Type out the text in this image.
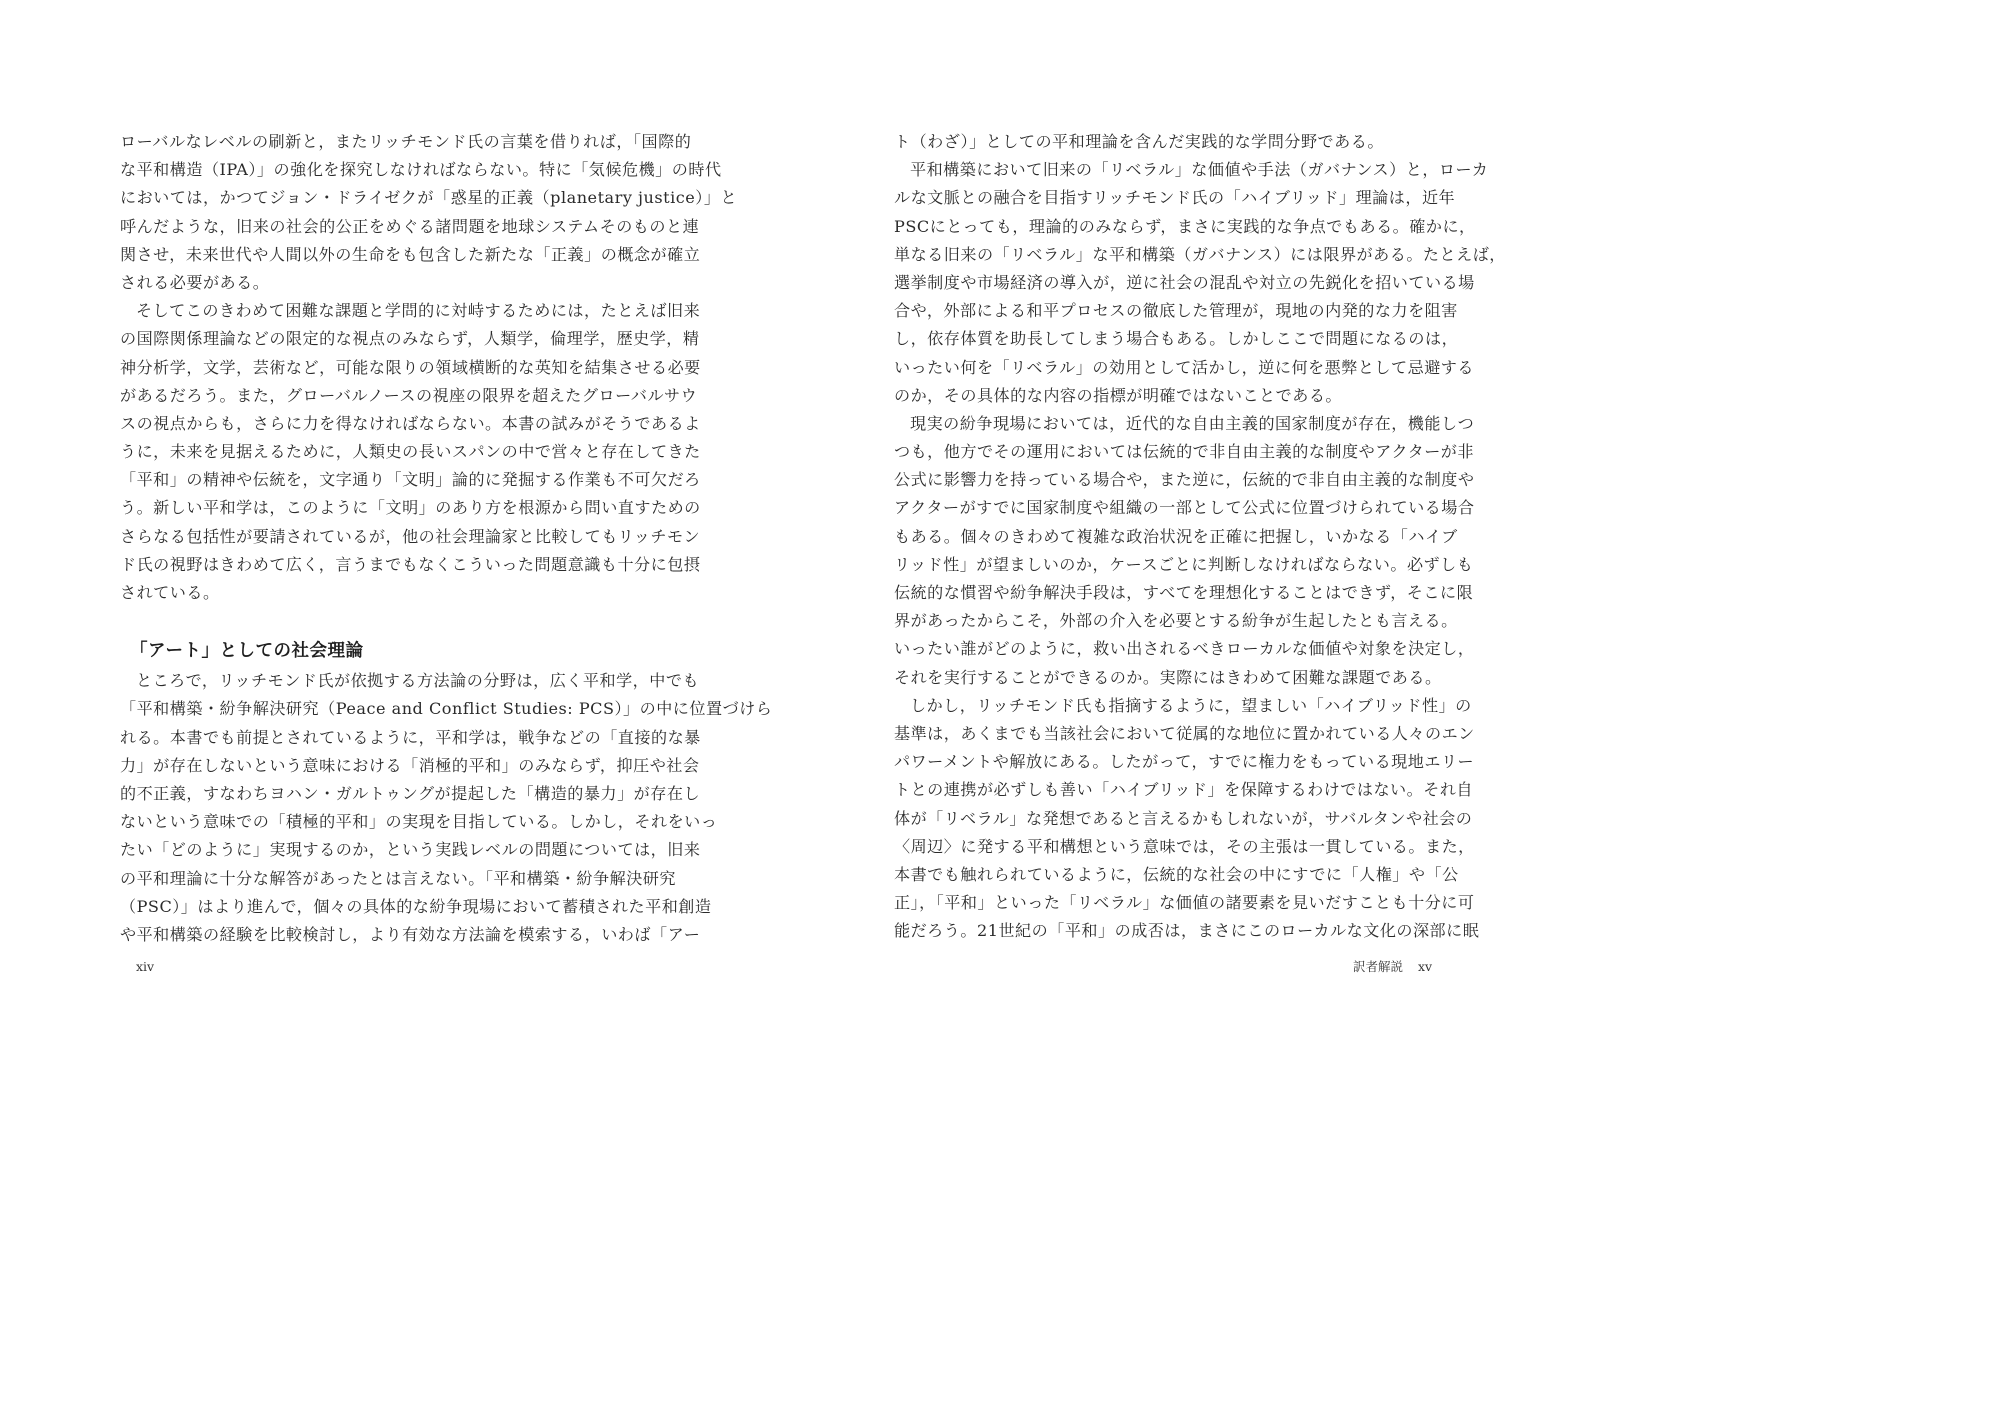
ローバルなレベルの刷新と，またリッチモンド氏の言葉を借りれば，「国際的
な平和構造（IPA）」の強化を探究しなければならない。特に「気候危機」の時代
においては，かつてジョン・ドライゼクが「惑星的正義（planetary justice）」と
呼んだような，旧来の社会的公正をめぐる諸問題を地球システムそのものと連
関させ，未来世代や人間以外の生命をも包含した新たな「正義」の概念が確立
される必要がある。
そしてこのきわめて困難な課題と学問的に対峙するためには，たとえば旧来
の国際関係理論などの限定的な視点のみならず，人類学，倫理学，歴史学，精
神分析学，文学，芸術など，可能な限りの領域横断的な英知を結集させる必要
があるだろう。また，グローバルノースの視座の限界を超えたグローバルサウ
スの視点からも，さらに力を得なければならない。本書の試みがそうであるよ
うに，未来を見据えるために，人類史の長いスパンの中で営々と存在してきた
「平和」の精神や伝統を，文字通り「文明」論的に発掘する作業も不可欠だろ
う。新しい平和学は，このように「文明」のあり方を根源から問い直すための
さらなる包括性が要請されているが，他の社会理論家と比較してもリッチモン
ド氏の視野はきわめて広く，言うまでもなくこういった問題意識も十分に包摂
されている。
「アート」としての社会理論
ところで，リッチモンド氏が依拠する方法論の分野は，広く平和学，中でも
「平和構築・紛争解決研究（Peace and Conflict Studies: PCS）」の中に位置づけら
れる。本書でも前提とされているように，平和学は，戦争などの「直接的な暴
力」が存在しないという意味における「消極的平和」のみならず，抑圧や社会
的不正義，すなわちヨハン・ガルトゥングが提起した「構造的暴力」が存在し
ないという意味での「積極的平和」の実現を目指している。しかし，それをいっ
たい「どのように」実現するのか，という実践レベルの問題については，旧来
の平和理論に十分な解答があったとは言えない。「平和構築・紛争解決研究
（PSC）」はより進んで，個々の具体的な紛争現場において蓄積された平和創造
や平和構築の経験を比較検討し，より有効な方法論を模索する，いわば「アー
xiv
ト（わざ）」としての平和理論を含んだ実践的な学問分野である。
平和構築において旧来の「リベラル」な価値や手法（ガバナンス）と，ローカ
ルな文脈との融合を目指すリッチモンド氏の「ハイブリッド」理論は，近年
PSCにとっても，理論的のみならず，まさに実践的な争点でもある。確かに，
単なる旧来の「リベラル」な平和構築（ガバナンス）には限界がある。たとえば，
選挙制度や市場経済の導入が，逆に社会の混乱や対立の先鋭化を招いている場
合や，外部による和平プロセスの徹底した管理が，現地の内発的な力を阻害
し，依存体質を助長してしまう場合もある。しかしここで問題になるのは，
いったい何を「リベラル」の効用として活かし，逆に何を悪弊として忌避する
のか，その具体的な内容の指標が明確ではないことである。
現実の紛争現場においては，近代的な自由主義的国家制度が存在，機能しつ
つも，他方でその運用においては伝統的で非自由主義的な制度やアクターが非
公式に影響力を持っている場合や，また逆に，伝統的で非自由主義的な制度や
アクターがすでに国家制度や組織の一部として公式に位置づけられている場合
もある。個々のきわめて複雑な政治状況を正確に把握し，いかなる「ハイブ
リッド性」が望ましいのか，ケースごとに判断しなければならない。必ずしも
伝統的な慣習や紛争解決手段は，すべてを理想化することはできず，そこに限
界があったからこそ，外部の介入を必要とする紛争が生起したとも言える。
いったい誰がどのように，救い出されるべきローカルな価値や対象を決定し，
それを実行することができるのか。実際にはきわめて困難な課題である。
しかし，リッチモンド氏も指摘するように，望ましい「ハイブリッド性」の
基準は，あくまでも当該社会において従属的な地位に置かれている人々のエン
パワーメントや解放にある。したがって，すでに権力をもっている現地エリー
トとの連携が必ずしも善い「ハイブリッド」を保障するわけではない。それ自
体が「リベラル」な発想であると言えるかもしれないが，サバルタンや社会の
〈周辺〉に発する平和構想という意味では，その主張は一貫している。また，
本書でも触れられているように，伝統的な社会の中にすでに「人権」や「公
正」，「平和」といった「リベラル」な価値の諸要素を見いだすことも十分に可
能だろう。21世紀の「平和」の成否は，まさにこのローカルな文化の深部に眠
訳者解説 xv
